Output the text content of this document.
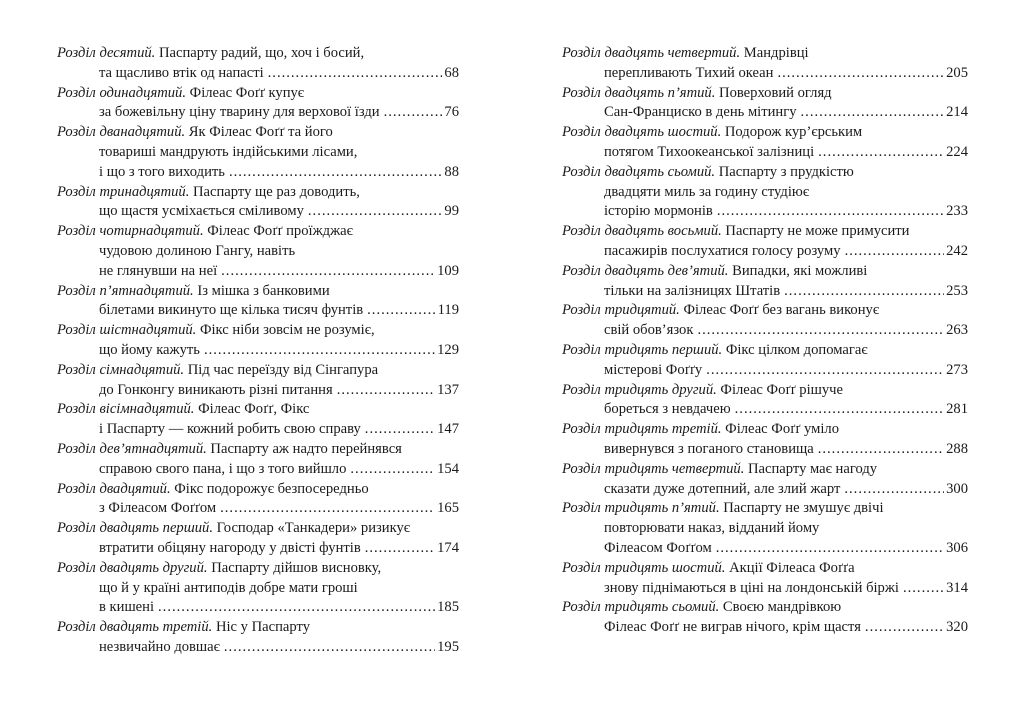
Розділ десятий. Паспарту радий, що, хоч і босий,
та щасливо втік од напасті .....	68
Розділ одинадцятий. Філеас Фоґґ купує
за божевільну ціну тварину для верхової їзди .....	76
Розділ дванадцятий. Як Філеас Фоґґ та його
товариші мандрують індійськими лісами,
і що з того виходить .....	88
Розділ тринадцятий. Паспарту ще раз доводить,
що щастя усміхається сміливому .....	99
Розділ чотирнадцятий. Філеас Фоґґ проїжджає
чудовою долиною Гангу, навіть
не глянувши на неї .....	109
Розділ п’ятнадцятий. Із мішка з банковими
білетами викинуто ще кілька тисяч фунтів .....	119
Розділ шістнадцятий. Фікс ніби зовсім не розуміє,
що йому кажуть .....	129
Розділ сімнадцятий. Під час переїзду від Сінгапура
до Гонконгу виникають різні питання .....	137
Розділ вісімнадцятий. Філеас Фоґґ, Фікс
і Паспарту — кожний робить свою справу .....	147
Розділ дев’ятнадцятий. Паспарту аж надто перейнявся
справою свого пана, і що з того вийшло .....	154
Розділ двадцятий. Фікс подорожує безпосередньо
з Філеасом Фоґґом .....	165
Розділ двадцять перший. Господар «Танкадери» ризикує
втратити обіцяну нагороду у двісті фунтів .....	174
Розділ двадцять другий. Паспарту дійшов висновку,
що й у країні антиподів добре мати гроші
в кишені .....	185
Розділ двадцять третій. Ніс у Паспарту
незвичайно довшає .....	195
Розділ двадцять четвертий. Мандрівці
перепливають Тихий океан .....	205
Розділ двадцять п’ятий. Поверховий огляд
Сан-Франциско в день мітингу .....	214
Розділ двадцять шостий. Подорож кур’єрським
потягом Тихоокеанської залізниці .....	224
Розділ двадцять сьомий. Паспарту з прудкістю
двадцяти миль за годину студіює
історію мормонів .....	233
Розділ двадцять восьмий. Паспарту не може примусити
пасажирів послухатися голосу розуму .....	242
Розділ двадцять дев’ятий. Випадки, які можливі
тільки на залізницях Штатів .....	253
Розділ тридцятий. Філеас Фоґґ без вагань виконує
свій обов’язок .....	263
Розділ тридцять перший. Фікс цілком допомагає
містерові Фоґґу .....	273
Розділ тридцять другий. Філеас Фоґґ рішуче
бореться з невдачею .....	281
Розділ тридцять третій. Філеас Фоґґ уміло
вивернувся з поганого становища .....	288
Розділ тридцять четвертий. Паспарту має нагоду
сказати дуже дотепний, але злий жарт .....	300
Розділ тридцять п’ятий. Паспарту не змушує двічі
повторювати наказ, відданий йому
Філеасом Фоґґом .....	306
Розділ тридцять шостий. Акції Філеаса Фоґґа
знову піднімаються в ціні на лондонській біржі .....	314
Розділ тридцять сьомий. Своєю мандрівкою
Філеас Фоґґ не виграв нічого, крім щастя .....	320
